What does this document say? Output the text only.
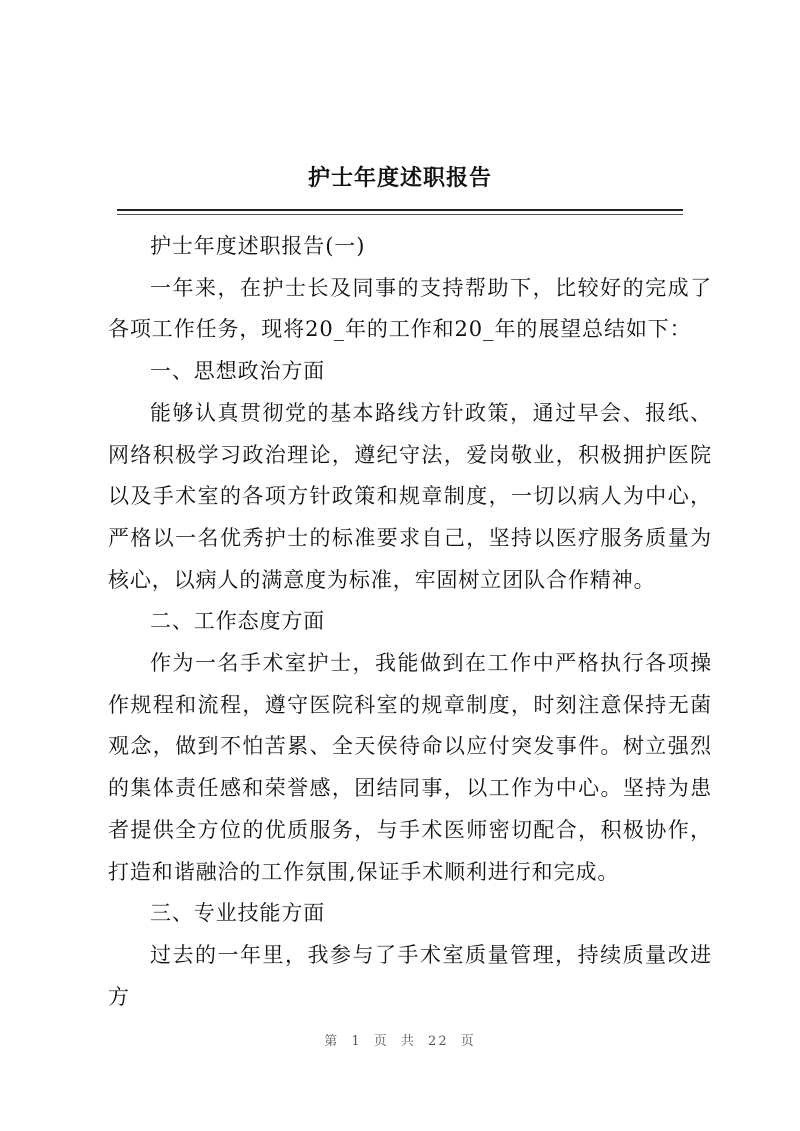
护士年度述职报告

护士年度述职报告(一)

一年来，在护士长及同事的支持帮助下，比较好的完成了各项工作任务，现将20_年的工作和20_年的展望总结如下：

一、思想政治方面

能够认真贯彻党的基本路线方针政策，通过早会、报纸、网络积极学习政治理论，遵纪守法，爱岗敬业，积极拥护医院以及手术室的各项方针政策和规章制度，一切以病人为中心，严格以一名优秀护士的标准要求自己，坚持以医疗服务质量为核心，以病人的满意度为标准，牢固树立团队合作精神。

二、工作态度方面

作为一名手术室护士，我能做到在工作中严格执行各项操作规程和流程，遵守医院科室的规章制度，时刻注意保持无菌观念，做到不怕苦累、全天侯待命以应付突发事件。树立强烈的集体责任感和荣誉感，团结同事，以工作为中心。坚持为患者提供全方位的优质服务，与手术医师密切配合，积极协作，打造和谐融洽的工作氛围,保证手术顺利进行和完成。

三、专业技能方面

过去的一年里，我参与了手术室质量管理，持续质量改进方

第 1 页 共 22 页
